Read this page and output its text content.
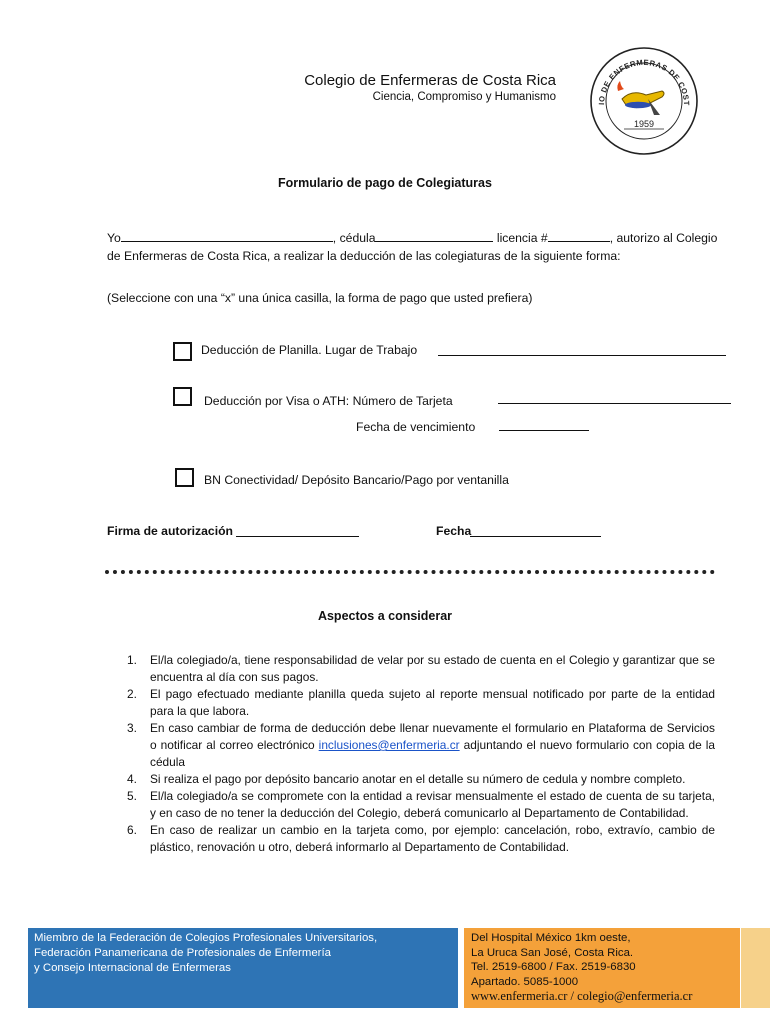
Colegio de Enfermeras de Costa Rica
Ciencia, Compromiso y Humanismo
IO DE ENFERMERAS DE COST
1959
Formulario de pago de Colegiaturas
Yo	, cédula	licencia #	, autorizo al Colegio
de Enfermeras de Costa Rica, a realizar la deducción de las colegiaturas de la siguiente forma:
(Seleccione con una “x” una única casilla, la forma de pago que usted prefiera)
Deducción de Planilla. Lugar de Trabajo
Deducción por Visa o ATH: Número de Tarjeta
Fecha de vencimiento
BN Conectividad/ Depósito Bancario/Pago por ventanilla
Firma de autorización	Fecha
Aspectos a considerar
1. El/la colegiado/a, tiene responsabilidad de velar por su estado de cuenta en el Colegio y garantizar que se encuentra al día con sus pagos.
2. El pago efectuado mediante planilla queda sujeto al reporte mensual notificado por parte de la entidad para la que labora.
3. En caso cambiar de forma de deducción debe llenar nuevamente el formulario en Plataforma de Servicios o notificar al correo electrónico inclusiones@enfermeria.cr adjuntando el nuevo formulario con copia de la cédula
4. Si realiza el pago por depósito bancario anotar en el detalle su número de cedula y nombre completo.
5. El/la colegiado/a se compromete con la entidad a revisar mensualmente el estado de cuenta de su tarjeta, y en caso de no tener la deducción del Colegio, deberá comunicarlo al Departamento de Contabilidad.
6. En caso de realizar un cambio en la tarjeta como, por ejemplo: cancelación, robo, extravío, cambio de plástico, renovación u otro, deberá informarlo al Departamento de Contabilidad.
Miembro de la Federación de Colegios Profesionales Universitarios,
Federación Panamericana de Profesionales de Enfermería
y Consejo Internacional de Enfermeras
Del Hospital México 1km oeste,
La Uruca San José, Costa Rica.
Tel. 2519-6800 / Fax. 2519-6830
Apartado. 5085-1000
www.enfermeria.cr / colegio@enfermeria.cr
